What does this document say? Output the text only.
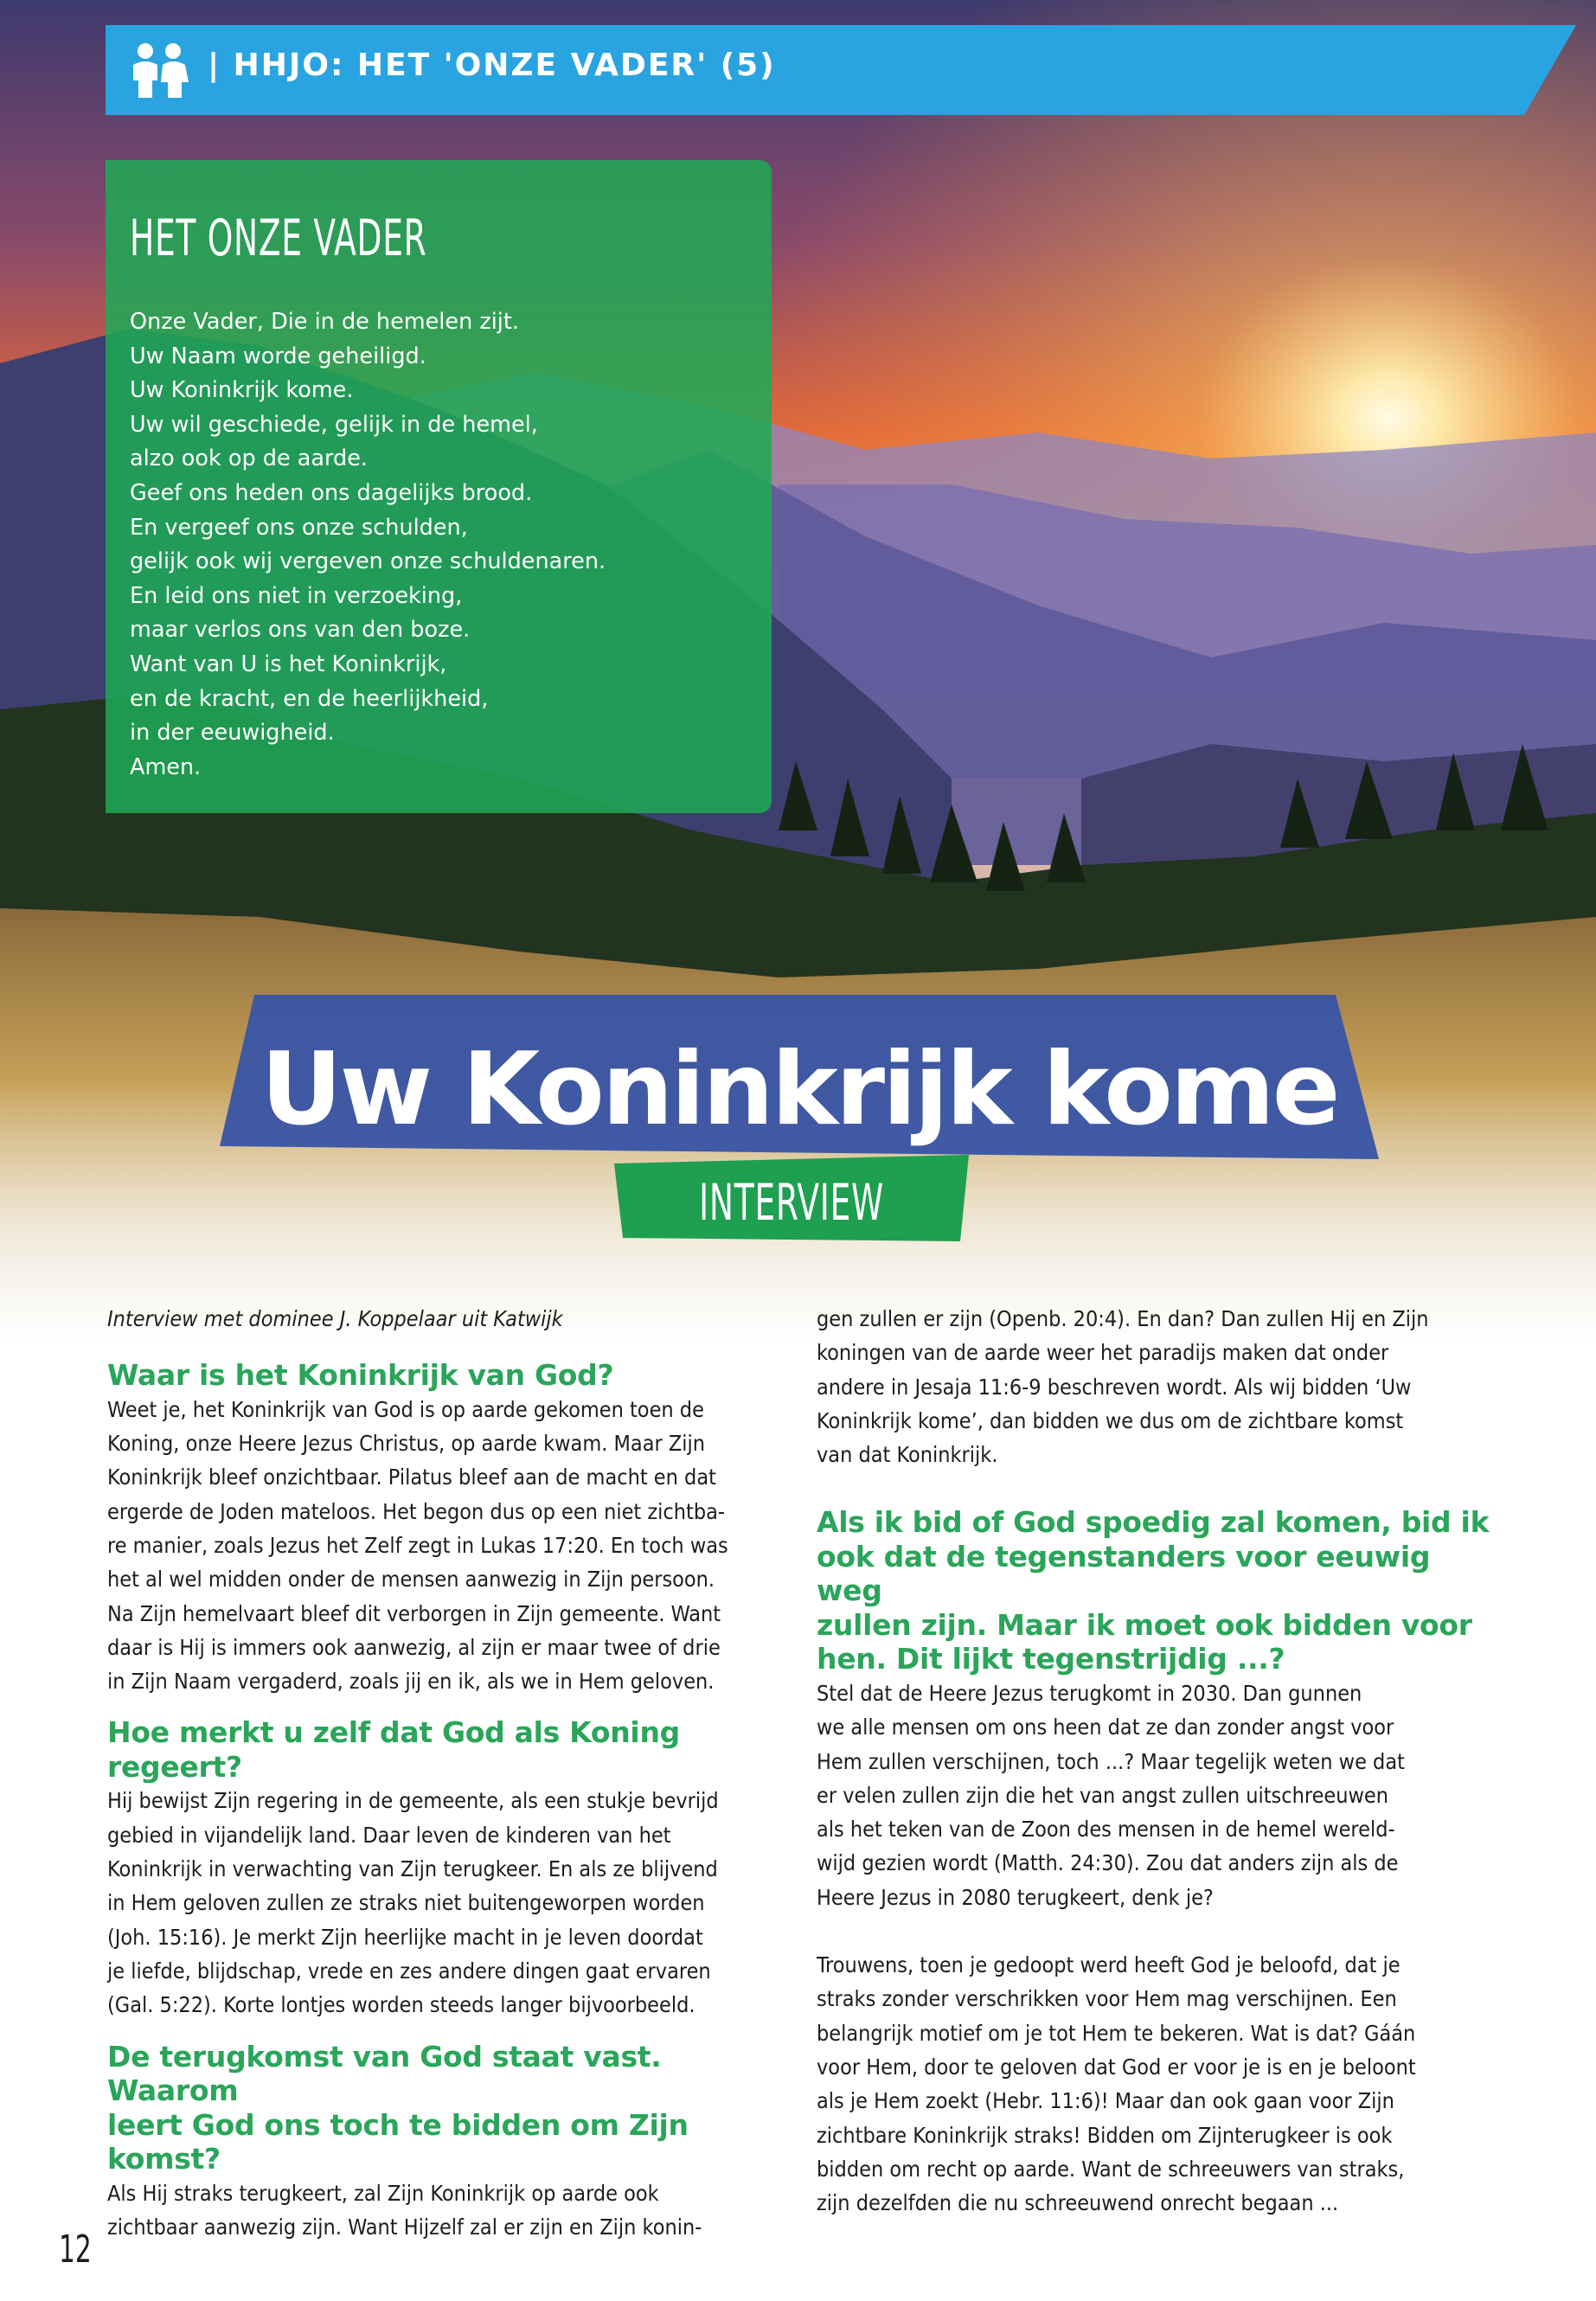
| HHJO: HET 'ONZE VADER' (5)
HET ONZE VADER
Onze Vader, Die in de hemelen zijt.
Uw Naam worde geheiligd.
Uw Koninkrijk kome.
Uw wil geschiede, gelijk in de hemel,
alzo ook op de aarde.
Geef ons heden ons dagelijks brood.
En vergeef ons onze schulden,
gelijk ook wij vergeven onze schuldenaren.
En leid ons niet in verzoeking,
maar verlos ons van den boze.
Want van U is het Koninkrijk,
en de kracht, en de heerlijkheid,
in der eeuwigheid.
Amen.
Uw Koninkrijk kome
INTERVIEW

Interview met dominee J. Koppelaar uit Katwijk

Waar is het Koninkrijk van God?

Weet je, het Koninkrijk van God is op aarde gekomen toen de

Koning, onze Heere Jezus Christus, op aarde kwam. Maar Zijn

Koninkrijk bleef onzichtbaar. Pilatus bleef aan de macht en dat

ergerde de Joden mateloos. Het begon dus op een niet zichtba-

re manier, zoals Jezus het Zelf zegt in Lukas 17:20. En toch was

het al wel midden onder de mensen aanwezig in Zijn persoon.

Na Zijn hemelvaart bleef dit verborgen in Zijn gemeente. Want

daar is Hij is immers ook aanwezig, al zijn er maar twee of drie

in Zijn Naam vergaderd, zoals jij en ik, als we in Hem geloven.

Hoe merkt u zelf dat God als Koning regeert?

Hij bewijst Zijn regering in de gemeente, als een stukje bevrijd

gebied in vijandelijk land. Daar leven de kinderen van het

Koninkrijk in verwachting van Zijn terugkeer. En als ze blijvend

in Hem geloven zullen ze straks niet buitengeworpen worden

(Joh. 15:16). Je merkt Zijn heerlijke macht in je leven doordat

je liefde, blijdschap, vrede en zes andere dingen gaat ervaren

(Gal. 5:22). Korte lontjes worden steeds langer bijvoorbeeld.

De terugkomst van God staat vast. Waarom
leert God ons toch te bidden om Zijn komst?

Als Hij straks terugkeert, zal Zijn Koninkrijk op aarde ook

zichtbaar aanwezig zijn. Want Hijzelf zal er zijn en Zijn konin-

gen zullen er zijn (Openb. 20:4). En dan? Dan zullen Hij en Zijn

koningen van de aarde weer het paradijs maken dat onder

andere in Jesaja 11:6-9 beschreven wordt. Als wij bidden ‘Uw

Koninkrijk kome’, dan bidden we dus om de zichtbare komst

van dat Koninkrijk.

Als ik bid of God spoedig zal komen, bid ik
ook dat de tegenstanders voor eeuwig weg
zullen zijn. Maar ik moet ook bidden voor
hen. Dit lijkt tegenstrijdig ...?

Stel dat de Heere Jezus terugkomt in 2030. Dan gunnen

we alle mensen om ons heen dat ze dan zonder angst voor

Hem zullen verschijnen, toch ...? Maar tegelijk weten we dat

er velen zullen zijn die het van angst zullen uitschreeuwen

als het teken van de Zoon des mensen in de hemel wereld-

wijd gezien wordt (Matth. 24:30). Zou dat anders zijn als de

Heere Jezus in 2080 terugkeert, denk je?

Trouwens, toen je gedoopt werd heeft God je beloofd, dat je

straks zonder verschrikken voor Hem mag verschijnen. Een

belangrijk motief om je tot Hem te bekeren. Wat is dat? Gáán

voor Hem, door te geloven dat God er voor je is en je beloont

als je Hem zoekt (Hebr. 11:6)! Maar dan ook gaan voor Zijn

zichtbare Koninkrijk straks! Bidden om Zijnterugkeer is ook

bidden om recht op aarde. Want de schreeuwers van straks,

zijn dezelfden die nu schreeuwend onrecht begaan ...

12
